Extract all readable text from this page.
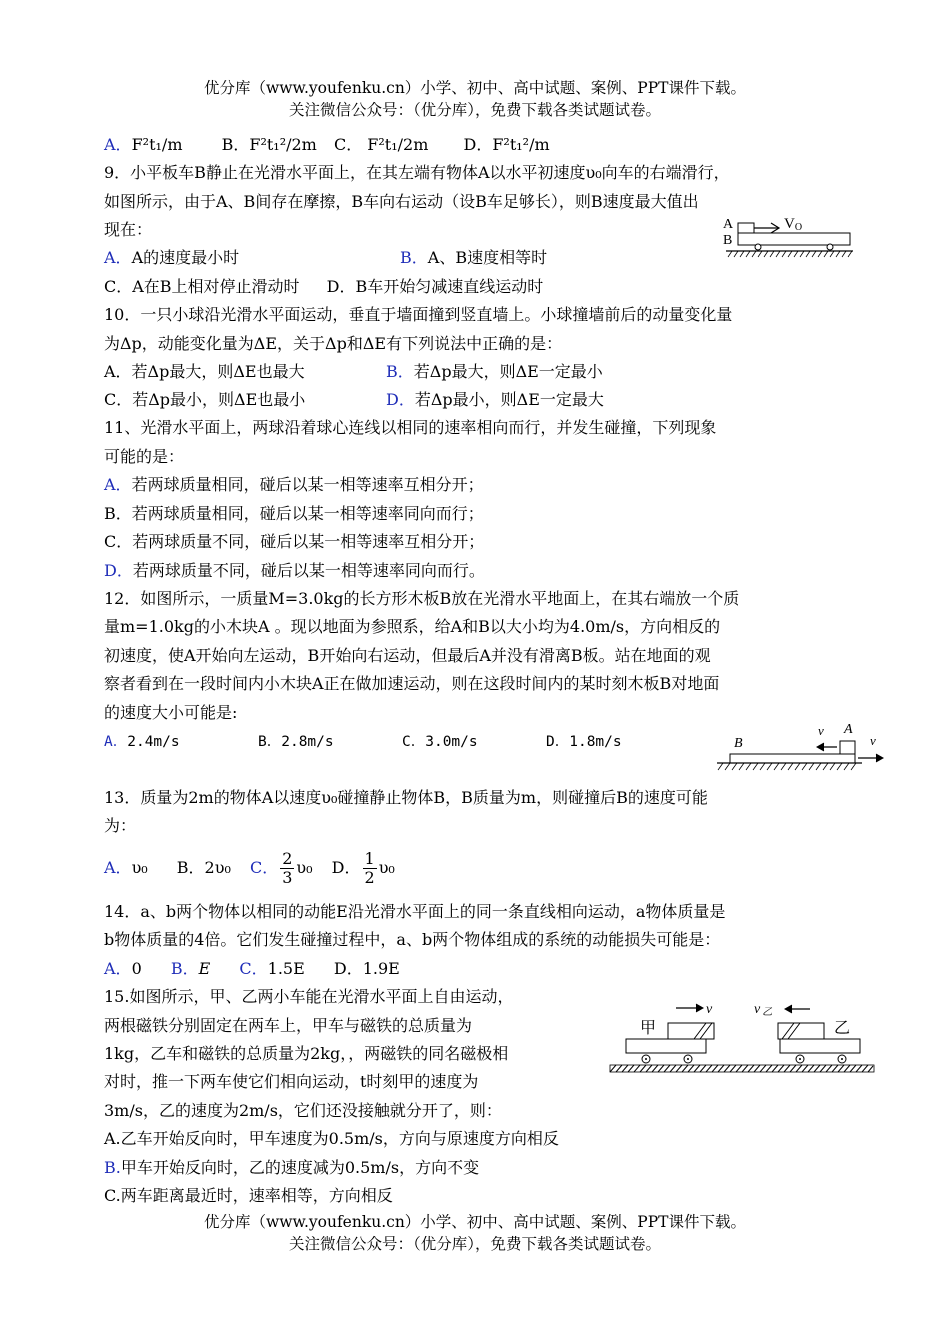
优分库（www.youfenku.cn）小学、初中、高中试题、案例、PPT课件下载。
关注微信公众号：（优分库），免费下载各类试题试卷。
A．F²t₁/m B．F²t₁²/2m C． F²t₁/2m D．F²t₁²/m
9．小平板车B静止在光滑水平面上，在其左端有物体A以水平初速度υ₀向车的右端滑行，
如图所示，由于A、B间存在摩擦，B车向右运动（设B车足够长），则B速度最大值出
现在：
A．A的速度最小时	B．A、B速度相等时
C．A在B上相对停止滑动时 D．B车开始匀减速直线运动时
A
B
VO
10．一只小球沿光滑水平面运动，垂直于墙面撞到竖直墙上。小球撞墙前后的动量变化量
为Δp，动能变化量为ΔE，关于Δp和ΔE有下列说法中正确的是：
A．若Δp最大，则ΔE也最大	B．若Δp最大，则ΔE一定最小
C．若Δp最小，则ΔE也最小	D．若Δp最小，则ΔE一定最大
11、光滑水平面上，两球沿着球心连线以相同的速率相向而行，并发生碰撞，下列现象
可能的是：
A．若两球质量相同，碰后以某一相等速率互相分开；
B．若两球质量相同，碰后以某一相等速率同向而行；
C．若两球质量不同，碰后以某一相等速率互相分开；
D．若两球质量不同，碰后以某一相等速率同向而行。
12．如图所示，一质量M=3.0kg的长方形木板B放在光滑水平地面上，在其右端放一个质
量m=1.0kg的小木块A 。现以地面为参照系，给A和B以大小均为4.0m/s，方向相反的
初速度，使A开始向左运动，B开始向右运动，但最后A并没有滑离B板。站在地面的观
察者看到在一段时间内小木块A正在做加速运动，则在这段时间内的某时刻木板B对地面
的速度大小可能是:
A．2.4m/s	B．2.8m/s	C．3.0m/s	D．1.8m/s	B
v A
v
13．质量为2m的物体A以速度υ₀碰撞静止物体B，B质量为m，则碰撞后B的速度可能
为：
A．υ₀ B．2υ₀ C． $\frac{2}{3} \upsilon_0$ D． $\frac{1}{2} \upsilon_0$
14．a、b两个物体以相同的动能E沿光滑水平面上的同一条直线相向运动，a物体质量是
b物体质量的4倍。它们发生碰撞过程中，a、b两个物体组成的系统的动能损失可能是：
A．0 B．E C．1.5E D．1.9E
15.如图所示，甲、乙两小车能在光滑水平面上自由运动，
两根磁铁分别固定在两车上，甲车与磁铁的总质量为
1kg，乙车和磁铁的总质量为2kg，，两磁铁的同名磁极相
对时，推一下两车使它们相向运动，t时刻甲的速度为
3m/s，乙的速度为2m/s，它们还没接触就分开了，则：
A.乙车开始反向时，甲车速度为0.5m/s，方向与原速度方向相反
B.甲车开始反向时，乙的速度减为0.5m/s，方向不变
C.两车距离最近时，速率相等，方向相反
v
甲
v 乙
乙
优分库（www.youfenku.cn）小学、初中、高中试题、案例、PPT课件下载。
关注微信公众号：（优分库），免费下载各类试题试卷。
